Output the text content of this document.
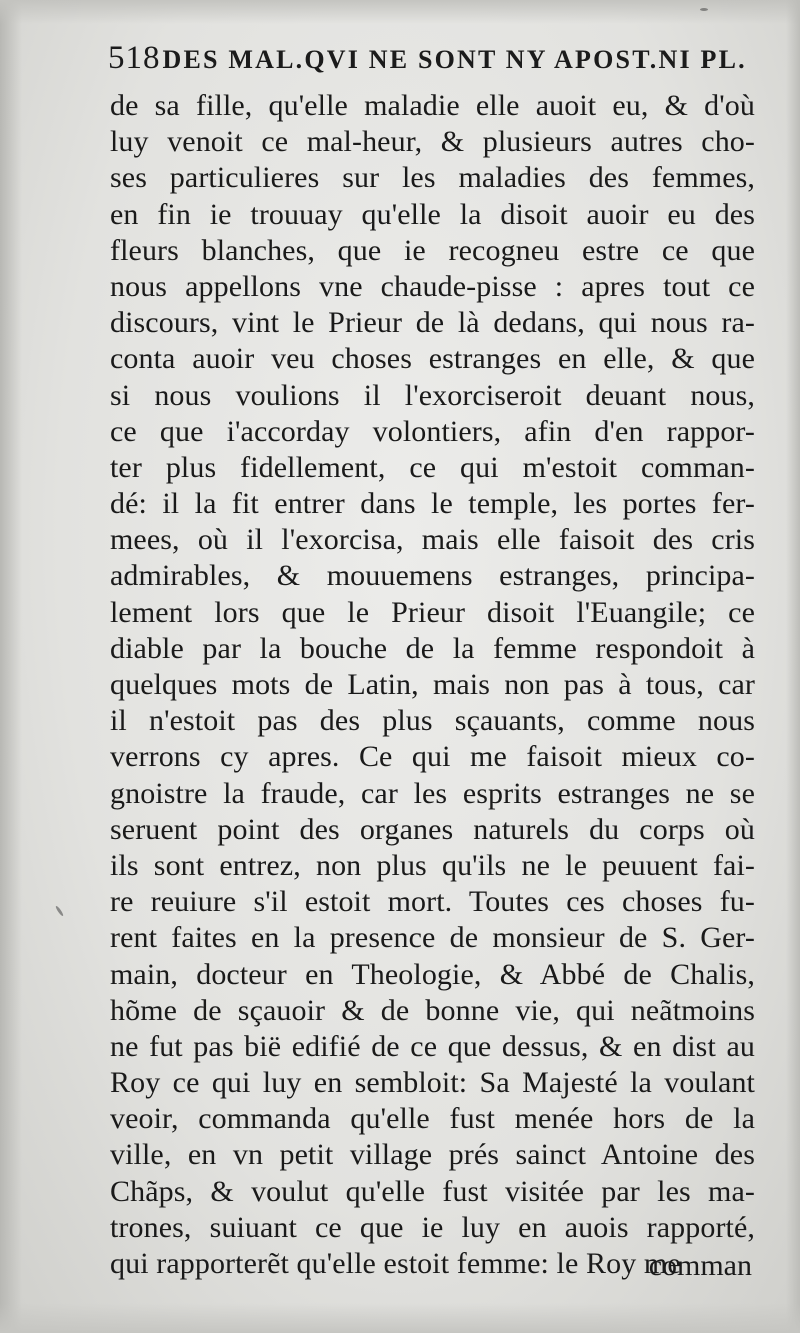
518 DES MAL.QVI NE SONT NY APOST.NI PL.
de sa fille, qu'elle maladie elle auoit eu, & d'où
luy venoit ce mal-heur, & plusieurs autres cho-
ses particulieres sur les maladies des femmes,
en fin ie trouuay qu'elle la disoit auoir eu des
fleurs blanches, que ie recogneu estre ce que
nous appellons vne chaude-pisse : apres tout ce
discours, vint le Prieur de là dedans, qui nous ra-
conta auoir veu choses estranges en elle, & que
si nous voulions il l'exorciseroit deuant nous,
ce que i'accorday volontiers, afin d'en rappor-
ter plus fidellement, ce qui m'estoit comman-
dé: il la fit entrer dans le temple, les portes fer-
mees, où il l'exorcisa, mais elle faisoit des cris
admirables, & mouuemens estranges, principa-
lement lors que le Prieur disoit l'Euangile; ce
diable par la bouche de la femme respondoit à
quelques mots de Latin, mais non pas à tous, car
il n'estoit pas des plus sçauants, comme nous
verrons cy apres. Ce qui me faisoit mieux co-
gnoistre la fraude, car les esprits estranges ne se
seruent point des organes naturels du corps où
ils sont entrez, non plus qu'ils ne le peuuent fai-
re reuiure s'il estoit mort. Toutes ces choses fu-
rent faites en la presence de monsieur de S. Ger-
main, docteur en Theologie, & Abbé de Chalis,
hõme de sçauoir & de bonne vie, qui neãtmoins
ne fut pas bië edifié de ce que dessus, & en dist au
Roy ce qui luy en sembloit: Sa Majesté la voulant
veoir, commanda qu'elle fust menée hors de la
ville, en vn petit village prés sainct Antoine des
Chãps, & voulut qu'elle fust visitée par les ma-
trones, suiuant ce que ie luy en auois rapporté,
qui rapporterẽt qu'elle estoit femme: le Roy me
comman
